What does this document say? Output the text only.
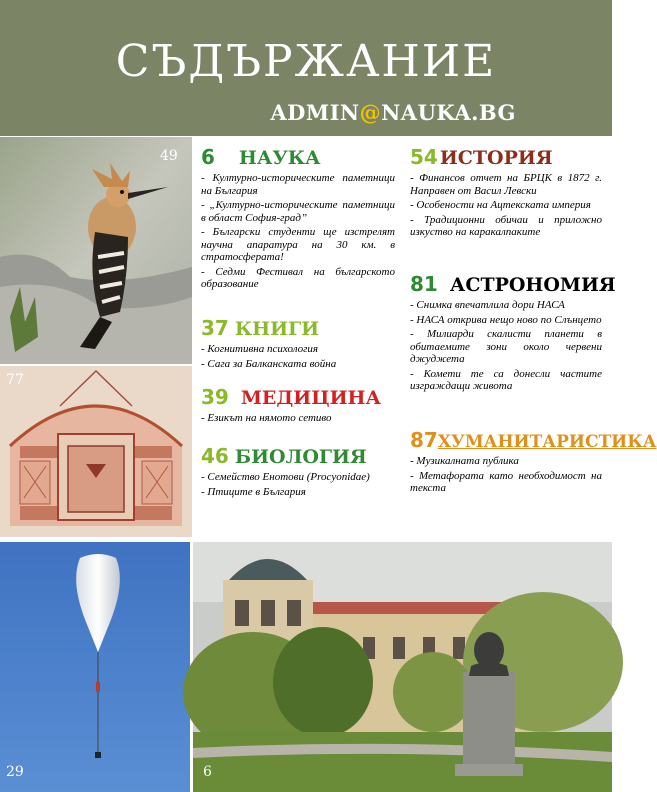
СЪДЪРЖАНИЕ
ADMIN@NAUKA.BG
49
77
29	6
6 НАУКА
- Културно-историческите паметници на България
- „Културно-историческите паметници в област София-град”
- Български студенти ще изстрелят научна апаратура на 30 км. в стратосферата!
- Седми Фестивал на българското образование
37 КНИГИ
- Когнитивна психология
- Сага за Балканската война
39 МЕДИЦИНА
- Езикът на нямото сетиво
46 БИОЛОГИЯ
- Семейство Енотови (Procyonidae)
- Птиците в България
54 ИСТОРИЯ
- Финансов отчет на БРЦК в 1872 г. Направен от Васил Левски
- Особености на Ацтекската империя
- Традиционни обичаи и приложно изкуство на каракалпаките
81 АСТРОНОМИЯ
- Снимка впечатлила дори НАСА
- НАСА открива нещо ново по Слънцето
- Милиарди скалисти планети в обитаемите зони около червени джуджета
- Комети те са донесли частите изграждащи живота
87ХУМАНИТАРИСТИКА
- Музикалната публика
- Метафората като необходимост на текста
